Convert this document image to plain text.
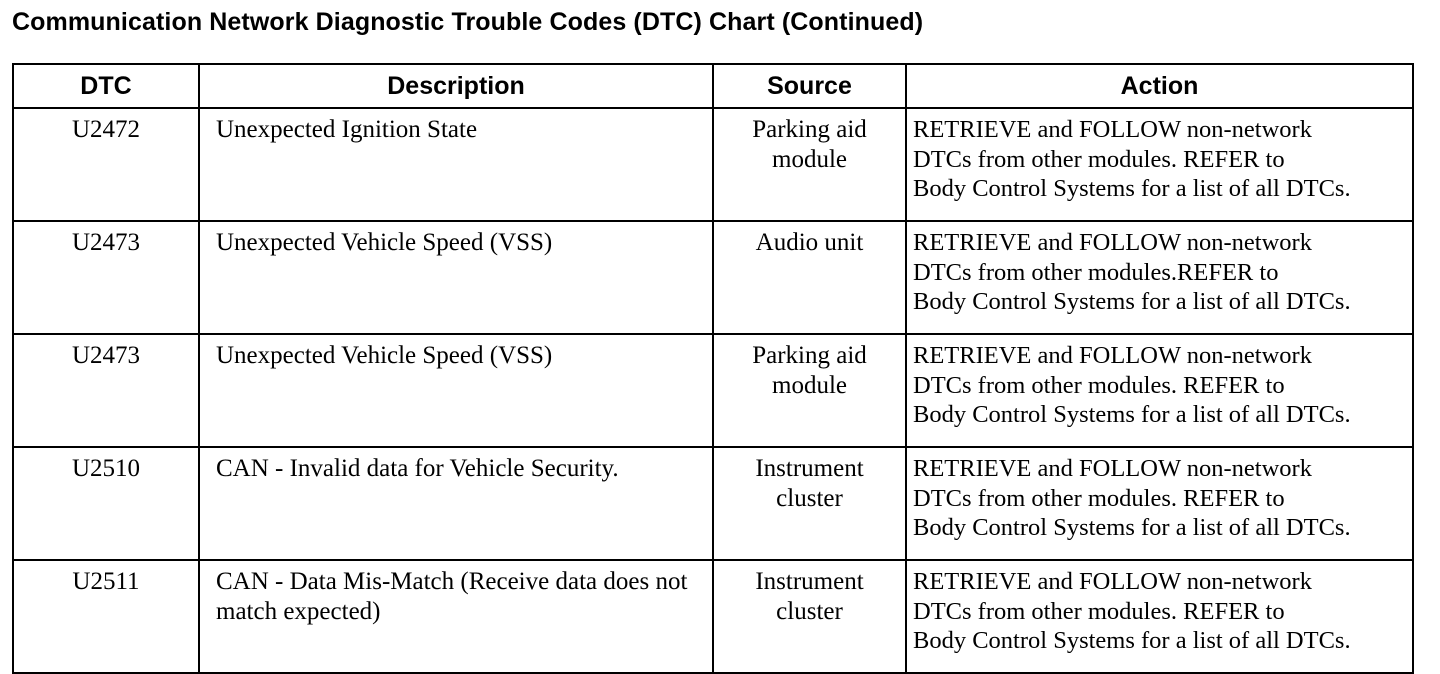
Communication Network Diagnostic Trouble Codes (DTC) Chart (Continued)
DTC	Description	Source	Action
U2472	Unexpected Ignition State	Parking aid module	RETRIEVE and FOLLOW non-network
DTCs from other modules. REFER to
Body Control Systems for a list of all DTCs.
U2473	Unexpected Vehicle Speed (VSS)	Audio unit	RETRIEVE and FOLLOW non-network
DTCs from other modules.REFER to
Body Control Systems for a list of all DTCs.
U2473	Unexpected Vehicle Speed (VSS)	Parking aid module	RETRIEVE and FOLLOW non-network
DTCs from other modules. REFER to
Body Control Systems for a list of all DTCs.
U2510	CAN - Invalid data for Vehicle Security.	Instrument cluster	RETRIEVE and FOLLOW non-network
DTCs from other modules. REFER to
Body Control Systems for a list of all DTCs.
U2511	CAN - Data Mis-Match (Receive data does not match expected)	Instrument cluster	RETRIEVE and FOLLOW non-network
DTCs from other modules. REFER to
Body Control Systems for a list of all DTCs.
